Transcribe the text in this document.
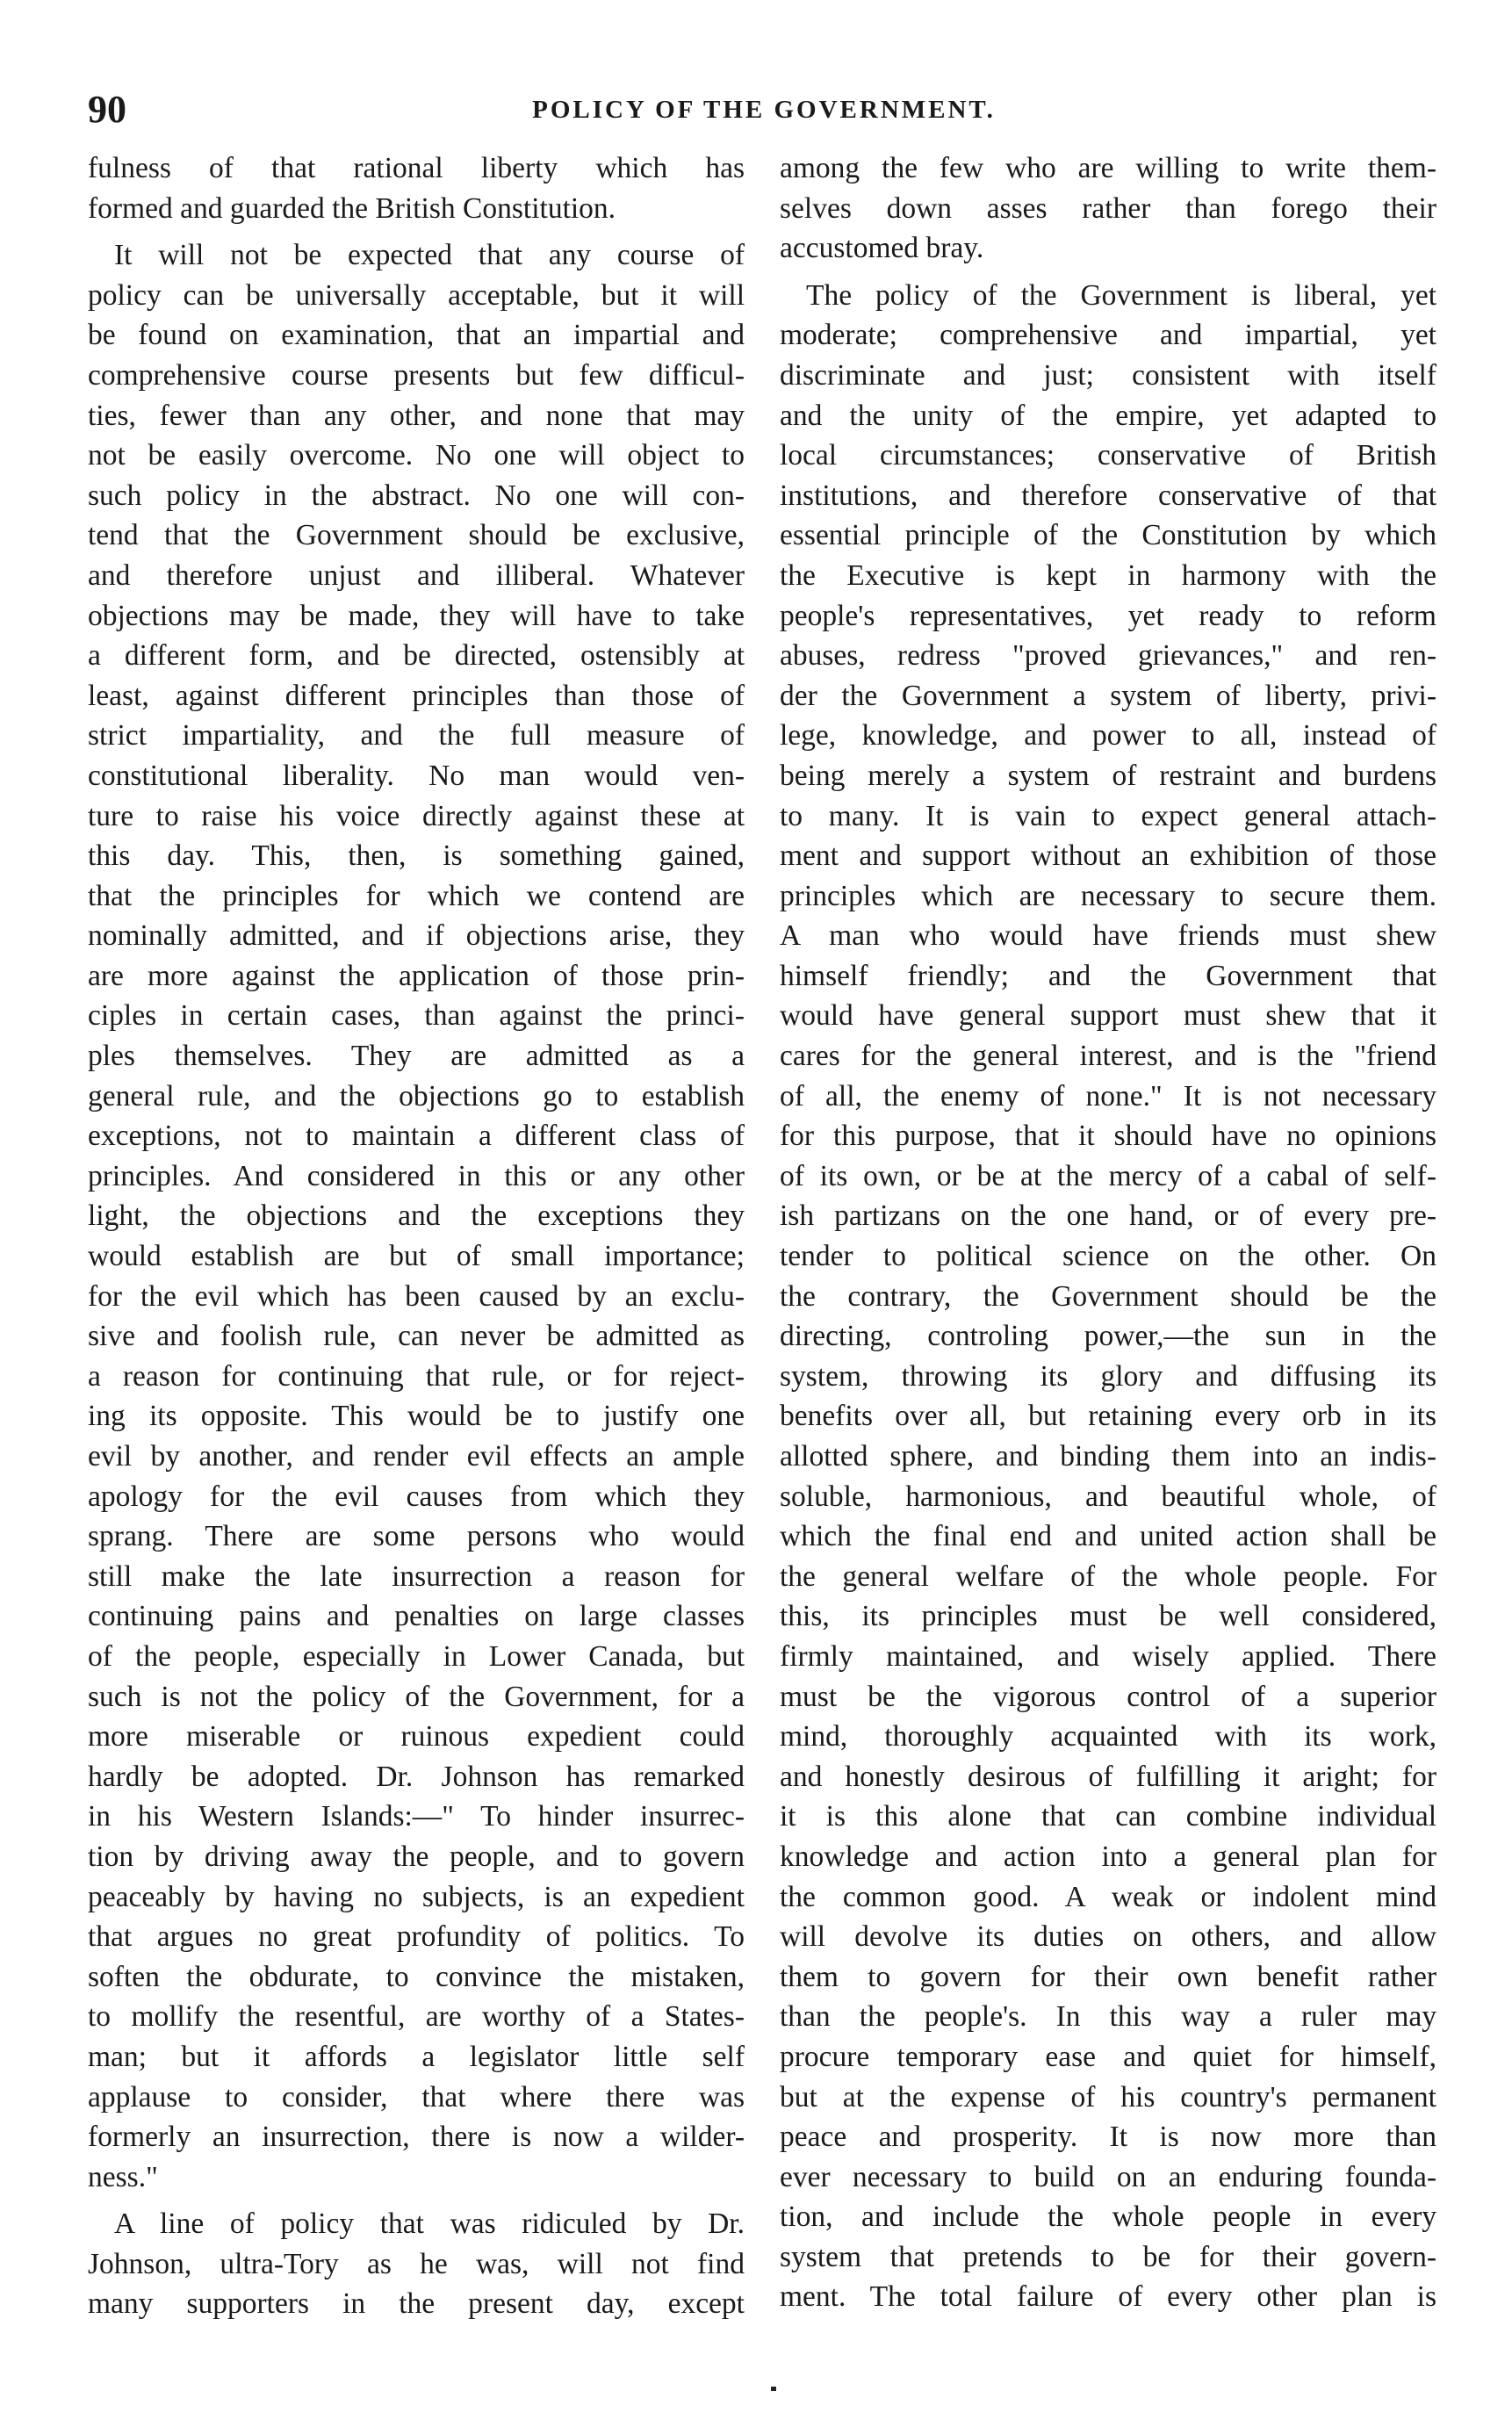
90	POLICY OF THE GOVERNMENT.
fulness of that rational liberty which has
formed and guarded the British Constitution.
It will not be expected that any course of
policy can be universally acceptable, but it will
be found on examination, that an impartial and
comprehensive course presents but few difficul-
ties, fewer than any other, and none that may
not be easily overcome. No one will object to
such policy in the abstract. No one will con-
tend that the Government should be exclusive,
and therefore unjust and illiberal. Whatever
objections may be made, they will have to take
a different form, and be directed, ostensibly at
least, against different principles than those of
strict impartiality, and the full measure of
constitutional liberality. No man would ven-
ture to raise his voice directly against these at
this day. This, then, is something gained,
that the principles for which we contend are
nominally admitted, and if objections arise, they
are more against the application of those prin-
ciples in certain cases, than against the princi-
ples themselves. They are admitted as a
general rule, and the objections go to establish
exceptions, not to maintain a different class of
principles. And considered in this or any other
light, the objections and the exceptions they
would establish are but of small importance;
for the evil which has been caused by an exclu-
sive and foolish rule, can never be admitted as
a reason for continuing that rule, or for reject-
ing its opposite. This would be to justify one
evil by another, and render evil effects an ample
apology for the evil causes from which they
sprang. There are some persons who would
still make the late insurrection a reason for
continuing pains and penalties on large classes
of the people, especially in Lower Canada, but
such is not the policy of the Government, for a
more miserable or ruinous expedient could
hardly be adopted. Dr. Johnson has remarked
in his Western Islands:—" To hinder insurrec-
tion by driving away the people, and to govern
peaceably by having no subjects, is an expedient
that argues no great profundity of politics. To
soften the obdurate, to convince the mistaken,
to mollify the resentful, are worthy of a States-
man; but it affords a legislator little self
applause to consider, that where there was
formerly an insurrection, there is now a wilder-
ness."
A line of policy that was ridiculed by Dr.
Johnson, ultra-Tory as he was, will not find
many supporters in the present day, except
among the few who are willing to write them-
selves down asses rather than forego their
accustomed bray.
The policy of the Government is liberal, yet
moderate; comprehensive and impartial, yet
discriminate and just; consistent with itself
and the unity of the empire, yet adapted to
local circumstances; conservative of British
institutions, and therefore conservative of that
essential principle of the Constitution by which
the Executive is kept in harmony with the
people's representatives, yet ready to reform
abuses, redress "proved grievances," and ren-
der the Government a system of liberty, privi-
lege, knowledge, and power to all, instead of
being merely a system of restraint and burdens
to many. It is vain to expect general attach-
ment and support without an exhibition of those
principles which are necessary to secure them.
A man who would have friends must shew
himself friendly; and the Government that
would have general support must shew that it
cares for the general interest, and is the "friend
of all, the enemy of none." It is not necessary
for this purpose, that it should have no opinions
of its own, or be at the mercy of a cabal of self-
ish partizans on the one hand, or of every pre-
tender to political science on the other. On
the contrary, the Government should be the
directing, controling power,—the sun in the
system, throwing its glory and diffusing its
benefits over all, but retaining every orb in its
allotted sphere, and binding them into an indis-
soluble, harmonious, and beautiful whole, of
which the final end and united action shall be
the general welfare of the whole people. For
this, its principles must be well considered,
firmly maintained, and wisely applied. There
must be the vigorous control of a superior
mind, thoroughly acquainted with its work,
and honestly desirous of fulfilling it aright; for
it is this alone that can combine individual
knowledge and action into a general plan for
the common good. A weak or indolent mind
will devolve its duties on others, and allow
them to govern for their own benefit rather
than the people's. In this way a ruler may
procure temporary ease and quiet for himself,
but at the expense of his country's permanent
peace and prosperity. It is now more than
ever necessary to build on an enduring founda-
tion, and include the whole people in every
system that pretends to be for their govern-
ment. The total failure of every other plan is
